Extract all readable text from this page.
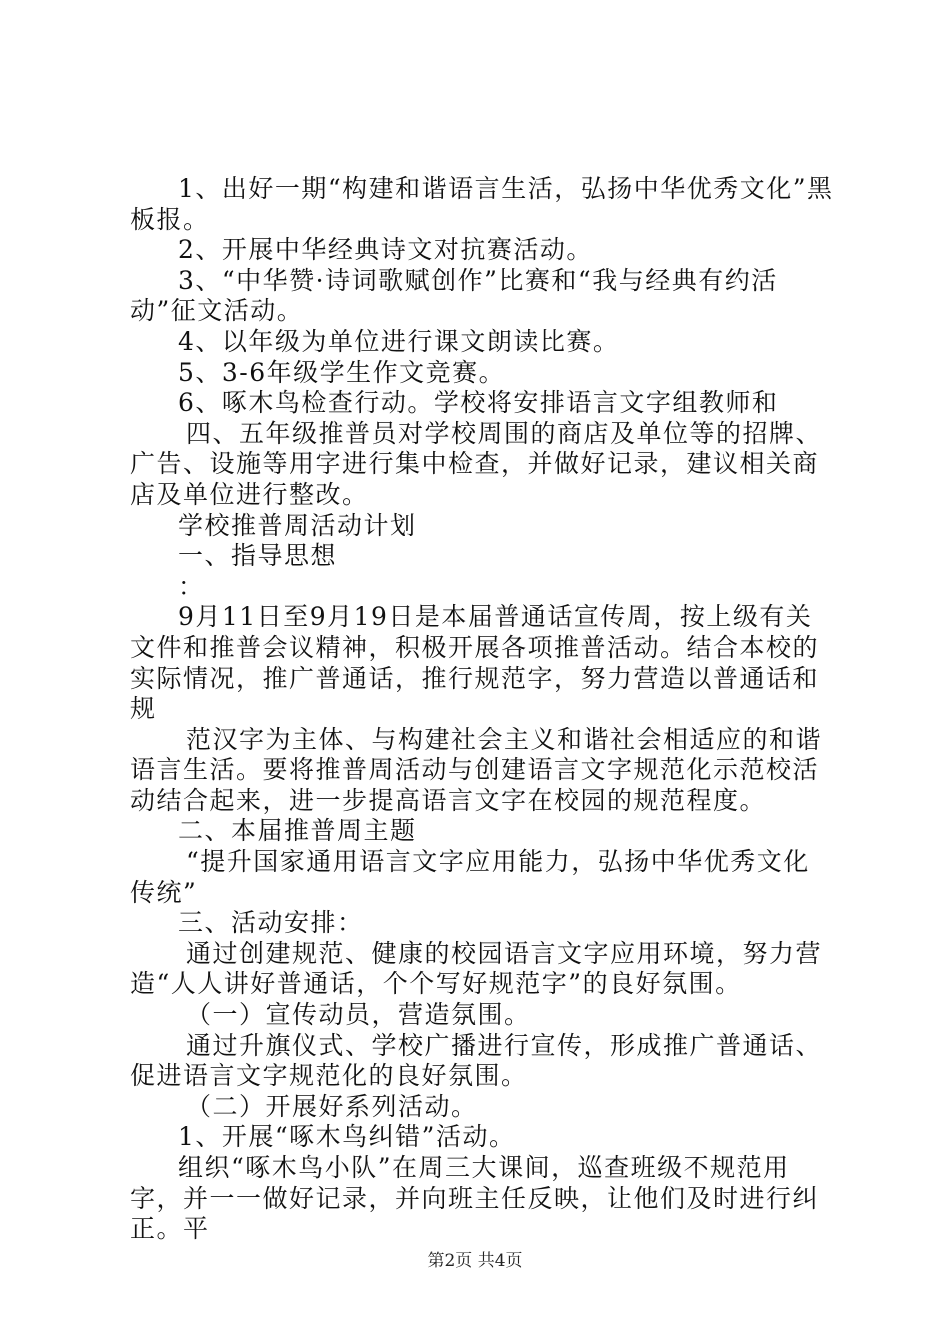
1、出好一期“构建和谐语言生活，弘扬中华优秀文化”黑板报。

2、开展中华经典诗文对抗赛活动。

3、“中华赞·诗词歌赋创作”比赛和“我与经典有约活动”征文活动。

4、以年级为单位进行课文朗读比赛。

5、3-6年级学生作文竞赛。

6、啄木鸟检查行动。学校将安排语言文字组教师和

四、五年级推普员对学校周围的商店及单位等的招牌、广告、设施等用字进行集中检查，并做好记录，建议相关商店及单位进行整改。

学校推普周活动计划

一、指导思想

：

9月11日至9月19日是本届普通话宣传周，按上级有关文件和推普会议精神，积极开展各项推普活动。结合本校的实际情况，推广普通话，推行规范字，努力营造以普通话和规

范汉字为主体、与构建社会主义和谐社会相适应的和谐语言生活。要将推普周活动与创建语言文字规范化示范校活动结合起来，进一步提高语言文字在校园的规范程度。

二、本届推普周主题

“提升国家通用语言文字应用能力，弘扬中华优秀文化传统”

三、活动安排：

通过创建规范、健康的校园语言文字应用环境，努力营造“人人讲好普通话，个个写好规范字”的良好氛围。

（一）宣传动员，营造氛围。

通过升旗仪式、学校广播进行宣传，形成推广普通话、促进语言文字规范化的良好氛围。

（二）开展好系列活动。

1、开展“啄木鸟纠错”活动。

组织“啄木鸟小队”在周三大课间，巡查班级不规范用字，并一一做好记录，并向班主任反映，让他们及时进行纠正。平

第2页 共4页
